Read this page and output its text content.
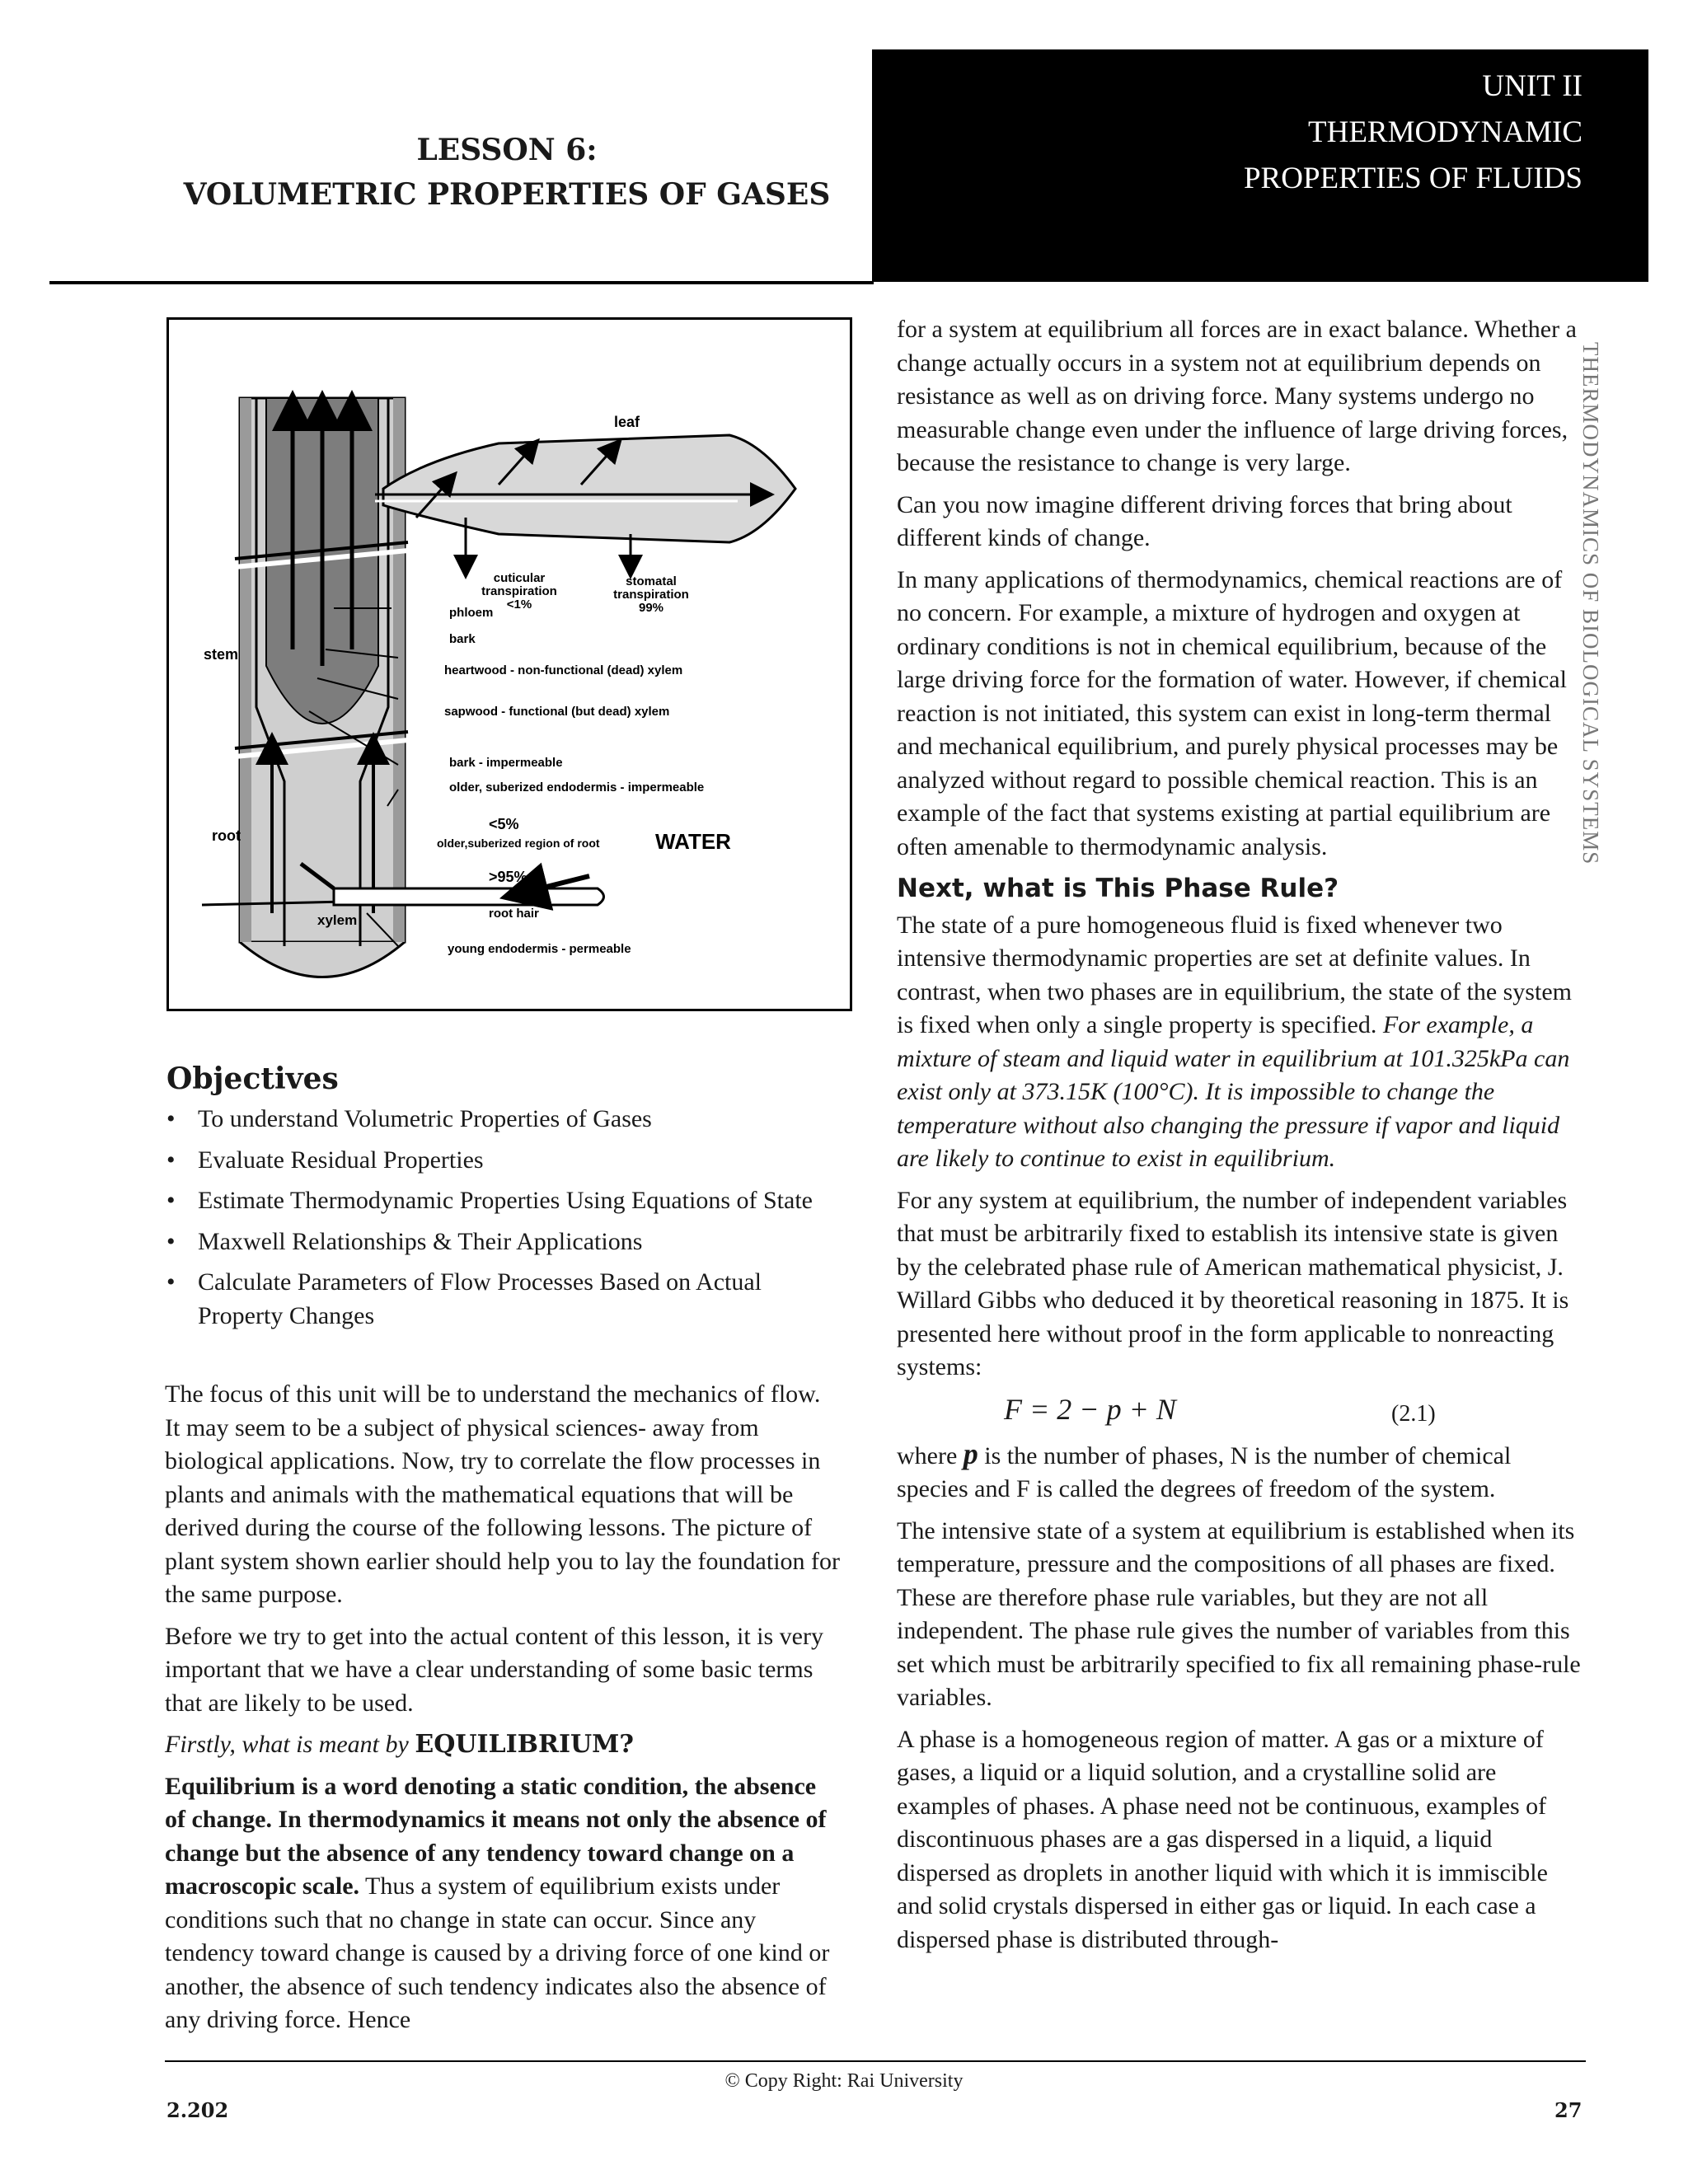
LESSON 6:
VOLUMETRIC PROPERTIES OF GASES
UNIT II
THERMODYNAMIC
PROPERTIES OF FLUIDS
THERMODYNAMICS OF BIOLOGICAL SYSTEMS
leaf
stem
root
xylem
cuticular
transpiration
<1%
stomatal
transpiration
99%
phloem
bark
heartwood - non-functional (dead) xylem
sapwood - functional (but dead) xylem
bark - impermeable
older, suberized endodermis - impermeable
<5%
older,suberized region of root	WATER
>95%
root hair
young endodermis - permeable
Objectives
• To understand Volumetric Properties of Gases
• Evaluate Residual Properties
• Estimate Thermodynamic Properties Using Equations of State
• Maxwell Relationships & Their Applications
• Calculate Parameters of Flow Processes Based on Actual Property Changes

The focus of this unit will be to understand the mechanics of flow. It may seem to be a subject of physical sciences- away from biological applications. Now, try to correlate the flow processes in plants and animals with the mathematical equations that will be derived during the course of the following lessons. The picture of plant system shown earlier should help you to lay the foundation for the same purpose.

Before we try to get into the actual content of this lesson, it is very important that we have a clear understanding of some basic terms that are likely to be used.

Firstly, what is meant by EQUILIBRIUM?

Equilibrium is a word denoting a static condition, the absence of change. In thermodynamics it means not only the absence of change but the absence of any tendency toward change on a macroscopic scale. Thus a system of equilibrium exists under conditions such that no change in state can occur. Since any tendency toward change is caused by a driving force of one kind or another, the absence of such tendency indicates also the absence of any driving force. Hence

for a system at equilibrium all forces are in exact balance. Whether a change actually occurs in a system not at equilibrium depends on resistance as well as on driving force. Many systems undergo no measurable change even under the influence of large driving forces, because the resistance to change is very large.

Can you now imagine different driving forces that bring about different kinds of change.

In many applications of thermodynamics, chemical reactions are of no concern. For example, a mixture of hydrogen and oxygen at ordinary conditions is not in chemical equilibrium, because of the large driving force for the formation of water. However, if chemical reaction is not initiated, this system can exist in long-term thermal and mechanical equilibrium, and purely physical processes may be analyzed without regard to possible chemical reaction. This is an example of the fact that systems existing at partial equilibrium are often amenable to thermodynamic analysis.

Next, what is This Phase Rule?

The state of a pure homogeneous fluid is fixed whenever two intensive thermodynamic properties are set at definite values. In contrast, when two phases are in equilibrium, the state of the system is fixed when only a single property is specified. For example, a mixture of steam and liquid water in equilibrium at 101.325kPa can exist only at 373.15K (100°C). It is impossible to change the temperature without also changing the pressure if vapor and liquid are likely to continue to exist in equilibrium.

For any system at equilibrium, the number of independent variables that must be arbitrarily fixed to establish its intensive state is given by the celebrated phase rule of American mathematical physicist, J. Willard Gibbs who deduced it by theoretical reasoning in 1875. It is presented here without proof in the form applicable to nonreacting systems:

F = 2 − p + N	(2.1)

where p is the number of phases, N is the number of chemical species and F is called the degrees of freedom of the system.

The intensive state of a system at equilibrium is established when its temperature, pressure and the compositions of all phases are fixed. These are therefore phase rule variables, but they are not all independent. The phase rule gives the number of variables from this set which must be arbitrarily specified to fix all remaining phase-rule variables.

A phase is a homogeneous region of matter. A gas or a mixture of gases, a liquid or a liquid solution, and a crystalline solid are examples of phases. A phase need not be continuous, examples of discontinuous phases are a gas dispersed in a liquid, a liquid dispersed as droplets in another liquid with which it is immiscible and solid crystals dispersed in either gas or liquid. In each case a dispersed phase is distributed through-

© Copy Right: Rai University
2.202	27
